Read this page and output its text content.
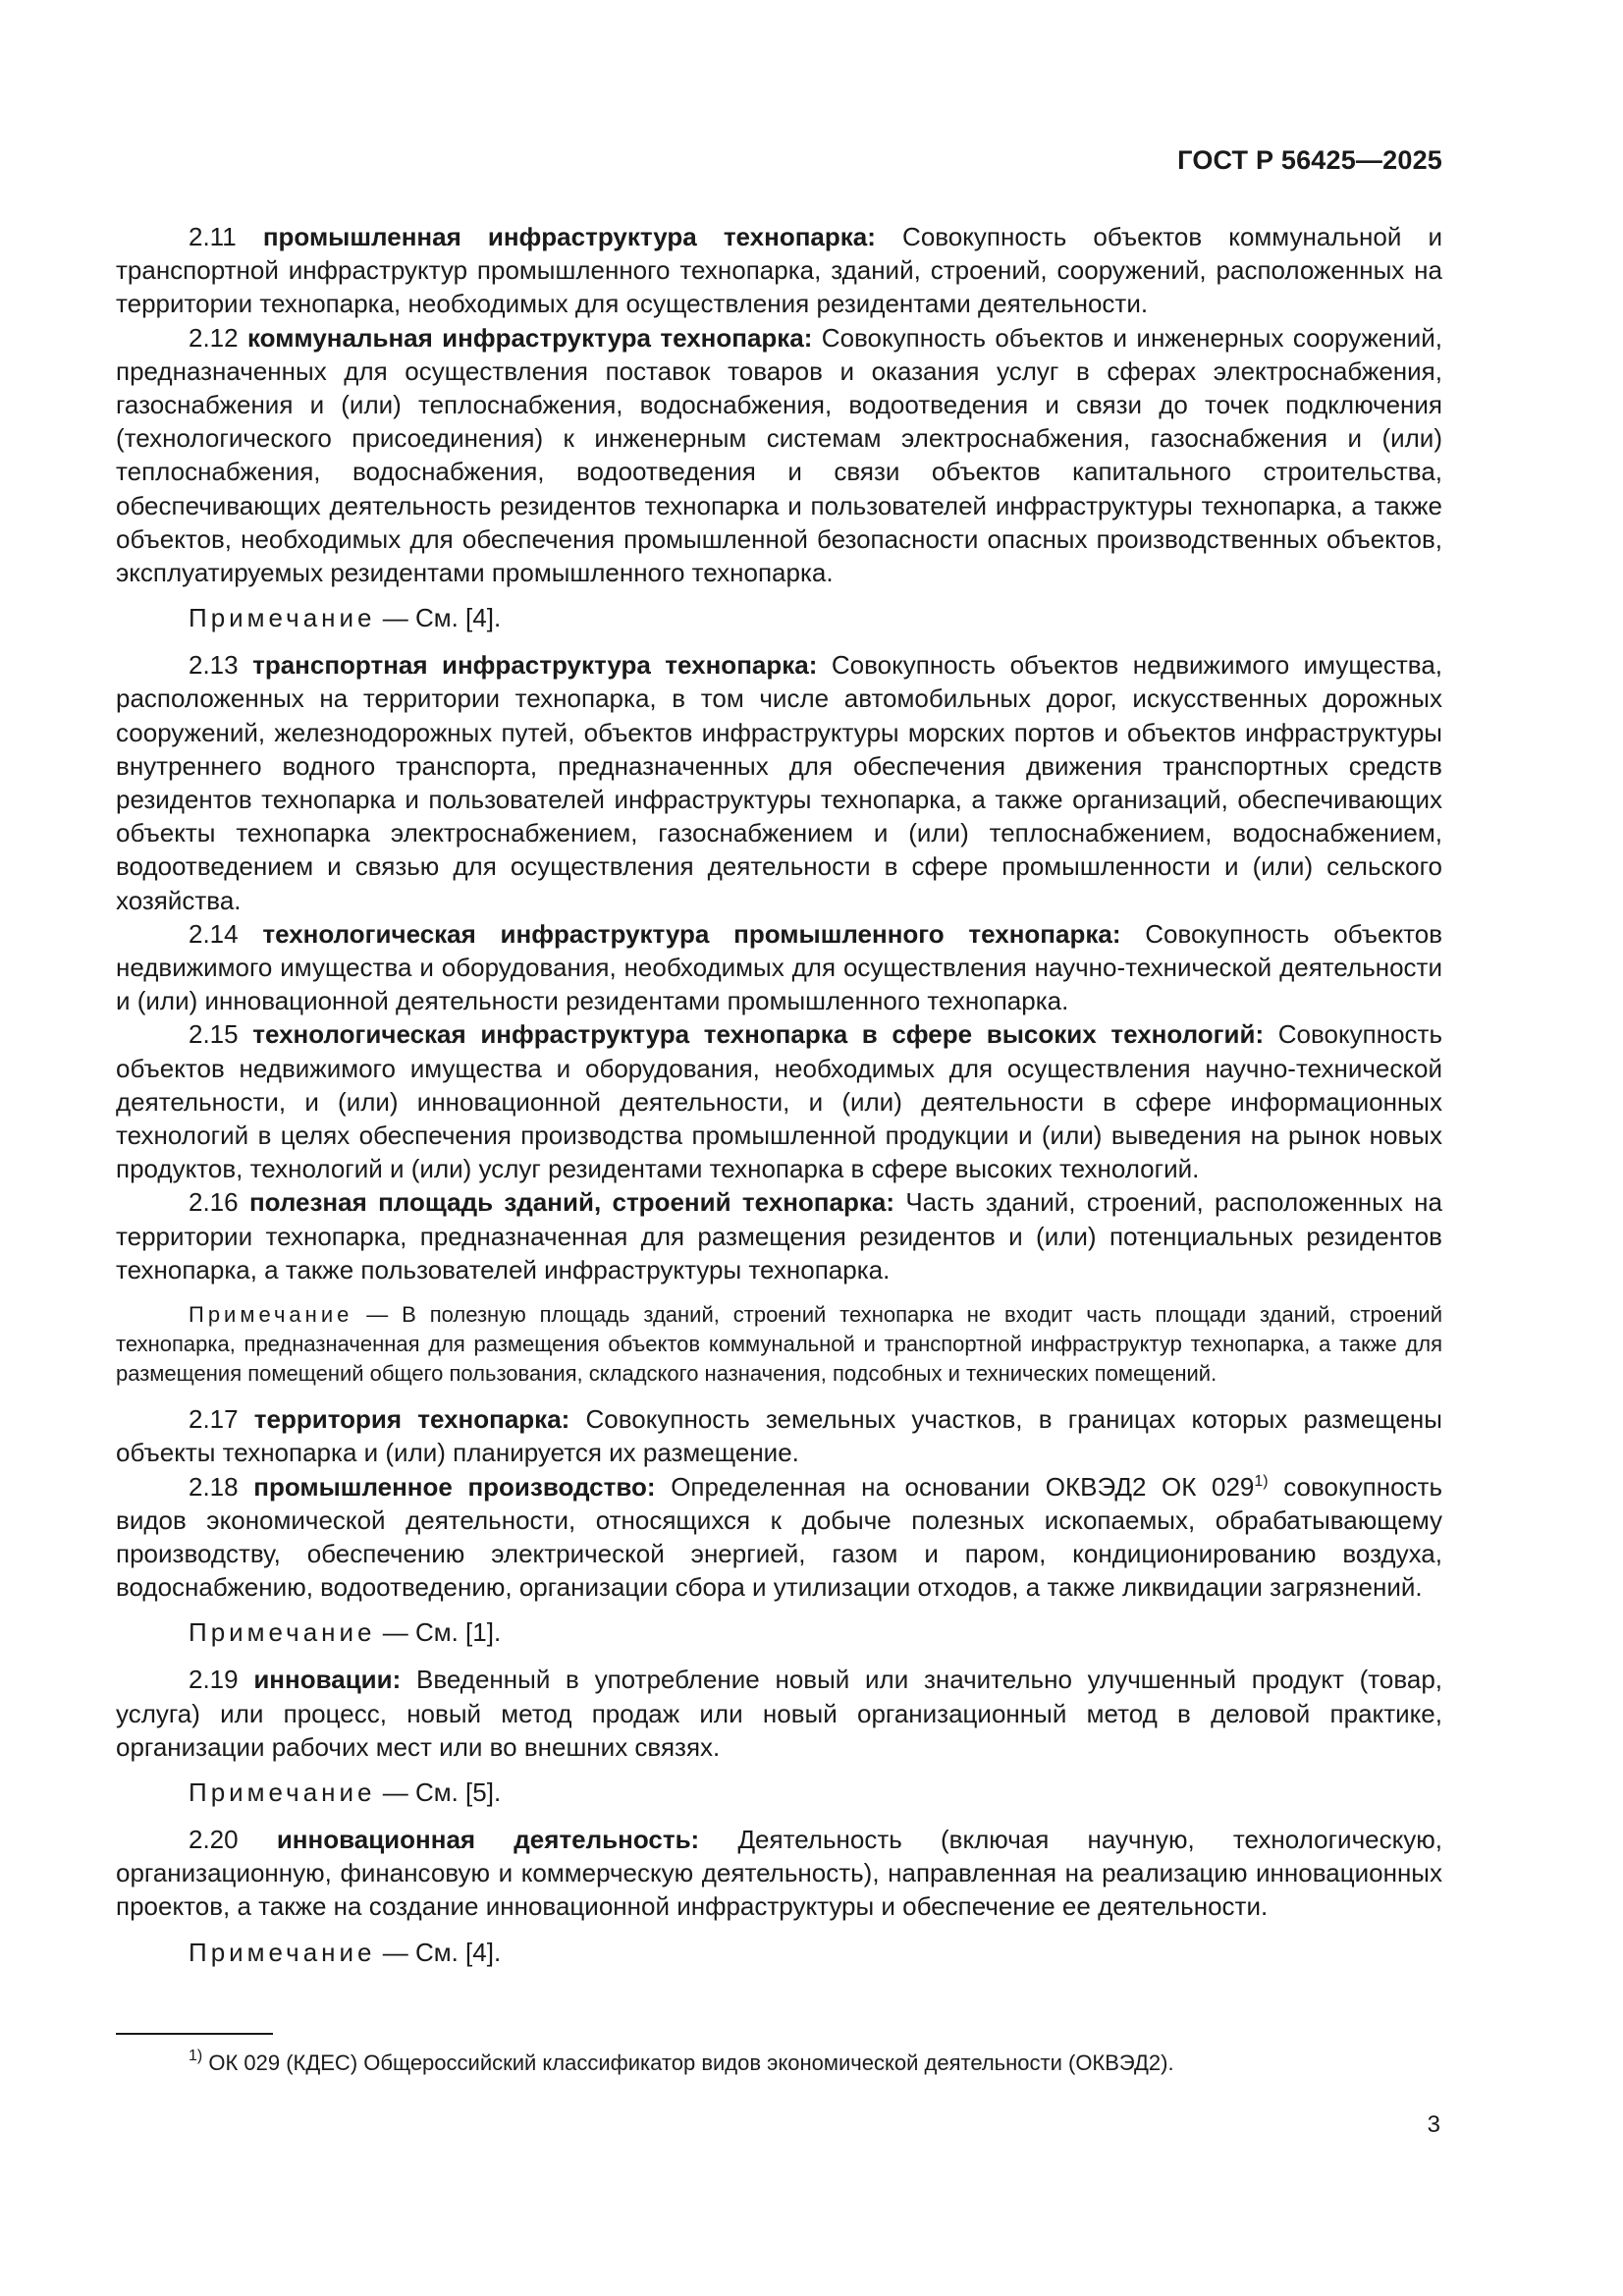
ГОСТ Р 56425—2025

2.11 промышленная инфраструктура технопарка: Совокупность объектов коммунальной и транспортной инфраструктур промышленного технопарка, зданий, строений, сооружений, расположенных на территории технопарка, необходимых для осуществления резидентами деятельности.

2.12 коммунальная инфраструктура технопарка: Совокупность объектов и инженерных сооружений, предназначенных для осуществления поставок товаров и оказания услуг в сферах электроснабжения, газоснабжения и (или) теплоснабжения, водоснабжения, водоотведения и связи до точек подключения (технологического присоединения) к инженерным системам электроснабжения, газоснабжения и (или) теплоснабжения, водоснабжения, водоотведения и связи объектов капитального строительства, обеспечивающих деятельность резидентов технопарка и пользователей инфраструктуры технопарка, а также объектов, необходимых для обеспечения промышленной безопасности опасных производственных объектов, эксплуатируемых резидентами промышленного технопарка.

Примечание — См. [4].

2.13 транспортная инфраструктура технопарка: Совокупность объектов недвижимого имущества, расположенных на территории технопарка, в том числе автомобильных дорог, искусственных дорожных сооружений, железнодорожных путей, объектов инфраструктуры морских портов и объектов инфраструктуры внутреннего водного транспорта, предназначенных для обеспечения движения транспортных средств резидентов технопарка и пользователей инфраструктуры технопарка, а также организаций, обеспечивающих объекты технопарка электроснабжением, газоснабжением и (или) теплоснабжением, водоснабжением, водоотведением и связью для осуществления деятельности в сфере промышленности и (или) сельского хозяйства.

2.14 технологическая инфраструктура промышленного технопарка: Совокупность объектов недвижимого имущества и оборудования, необходимых для осуществления научно-технической деятельности и (или) инновационной деятельности резидентами промышленного технопарка.

2.15 технологическая инфраструктура технопарка в сфере высоких технологий: Совокупность объектов недвижимого имущества и оборудования, необходимых для осуществления научно-технической деятельности, и (или) инновационной деятельности, и (или) деятельности в сфере информационных технологий в целях обеспечения производства промышленной продукции и (или) выведения на рынок новых продуктов, технологий и (или) услуг резидентами технопарка в сфере высоких технологий.

2.16 полезная площадь зданий, строений технопарка: Часть зданий, строений, расположенных на территории технопарка, предназначенная для размещения резидентов и (или) потенциальных резидентов технопарка, а также пользователей инфраструктуры технопарка.

Примечание — В полезную площадь зданий, строений технопарка не входит часть площади зданий, строений технопарка, предназначенная для размещения объектов коммунальной и транспортной инфраструктур технопарка, а также для размещения помещений общего пользования, складского назначения, подсобных и технических помещений.

2.17 территория технопарка: Совокупность земельных участков, в границах которых размещены объекты технопарка и (или) планируется их размещение.

2.18 промышленное производство: Определенная на основании ОКВЭД2 ОК 029$^{1)}$ совокупность видов экономической деятельности, относящихся к добыче полезных ископаемых, обрабатывающему производству, обеспечению электрической энергией, газом и паром, кондиционированию воздуха, водоснабжению, водоотведению, организации сбора и утилизации отходов, а также ликвидации загрязнений.

Примечание — См. [1].

2.19 инновации: Введенный в употребление новый или значительно улучшенный продукт (товар, услуга) или процесс, новый метод продаж или новый организационный метод в деловой практике, организации рабочих мест или во внешних связях.

Примечание — См. [5].

2.20 инновационная деятельность: Деятельность (включая научную, технологическую, организационную, финансовую и коммерческую деятельность), направленная на реализацию инновационных проектов, а также на создание инновационной инфраструктуры и обеспечение ее деятельности.

Примечание — См. [4].

$^{1)}$ ОК 029 (КДЕС) Общероссийский классификатор видов экономической деятельности (ОКВЭД2).
3
